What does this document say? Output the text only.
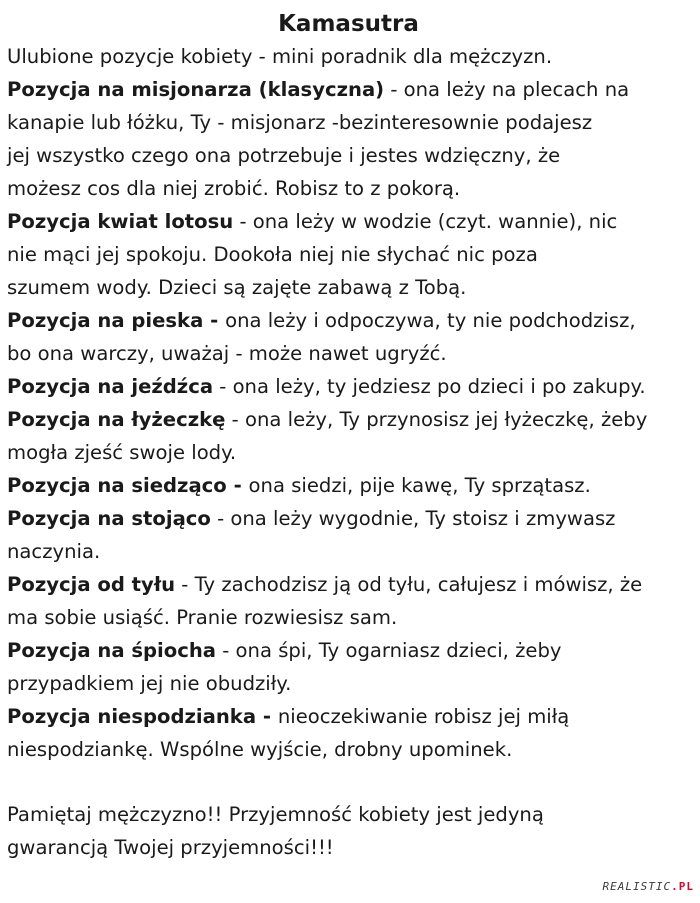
Kamasutra
Ulubione pozycje kobiety - mini poradnik dla mężczyzn.
Pozycja na misjonarza (klasyczna) - ona leży na plecach na
kanapie lub łóżku, Ty - misjonarz -bezinteresownie podajesz
jej wszystko czego ona potrzebuje i jestes wdzięczny, że
możesz cos dla niej zrobić. Robisz to z pokorą.
Pozycja kwiat lotosu - ona leży w wodzie (czyt. wannie), nic
nie mąci jej spokoju. Dookoła niej nie słychać nic poza
szumem wody. Dzieci są zajęte zabawą z Tobą.
Pozycja na pieska - ona leży i odpoczywa, ty nie podchodzisz,
bo ona warczy, uważaj - może nawet ugryźć.
Pozycja na jeźdźca - ona leży, ty jedziesz po dzieci i po zakupy.
Pozycja na łyżeczkę - ona leży, Ty przynosisz jej łyżeczkę, żeby
mogła zjeść swoje lody.
Pozycja na siedząco - ona siedzi, pije kawę, Ty sprzątasz.
Pozycja na stojąco - ona leży wygodnie, Ty stoisz i zmywasz
naczynia.
Pozycja od tyłu - Ty zachodzisz ją od tyłu, całujesz i mówisz, że
ma sobie usiąść. Pranie rozwiesisz sam.
Pozycja na śpiocha - ona śpi, Ty ogarniasz dzieci, żeby
przypadkiem jej nie obudziły.
Pozycja niespodzianka - nieoczekiwanie robisz jej miłą
niespodziankę. Wspólne wyjście, drobny upominek.
Pamiętaj mężczyzno!! Przyjemność kobiety jest jedyną
gwarancją Twojej przyjemności!!!
REALISTIC.PL
